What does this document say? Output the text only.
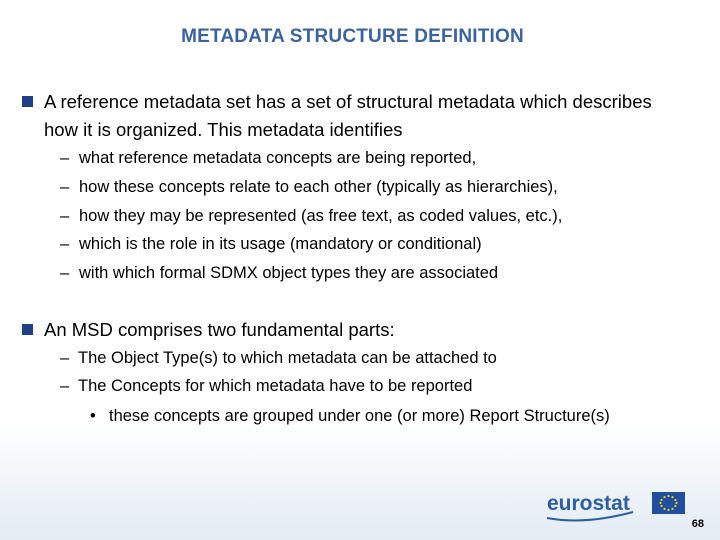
METADATA STRUCTURE DEFINITION
A reference metadata set has a set of structural metadata which describes how it is organized. This metadata identifies
– what reference metadata concepts are being reported,
– how these concepts relate to each other (typically as hierarchies),
– how they may be represented (as free text, as coded values, etc.),
– which is the role in its usage (mandatory or conditional)
– with which formal SDMX object types they are associated
An MSD comprises two fundamental parts:
– The Object Type(s) to which metadata can be attached to
– The Concepts for which metadata have to be reported
• these concepts are grouped under one (or more) Report Structure(s)
eurostat
68
